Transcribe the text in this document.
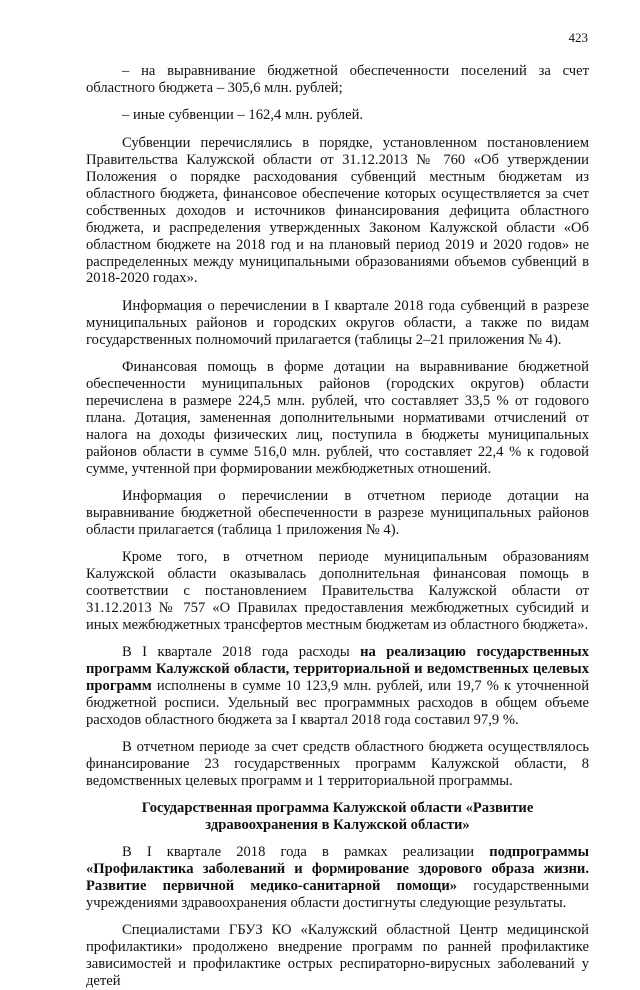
423

– на выравнивание бюджетной обеспеченности поселений за счет областного бюджета – 305,6 млн. рублей;

– иные субвенции – 162,4 млн. рублей.

Субвенции перечислялись в порядке, установленном постановлением Правительства Калужской области от 31.12.2013 № 760 «Об утверждении Положения о порядке расходования субвенций местным бюджетам из областного бюджета, финансовое обеспечение которых осуществляется за счет собственных доходов и источников финансирования дефицита областного бюджета, и распределения утвержденных Законом Калужской области «Об областном бюджете на 2018 год и на плановый период 2019 и 2020 годов» не распределенных между муниципальными образованиями объемов субвенций в 2018-2020 годах».

Информация о перечислении в I квартале 2018 года субвенций в разрезе муниципальных районов и городских округов области, а также по видам государственных полномочий прилагается (таблицы 2–21 приложения № 4).

Финансовая помощь в форме дотации на выравнивание бюджетной обеспеченности муниципальных районов (городских округов) области перечислена в размере 224,5 млн. рублей, что составляет 33,5 % от годового плана. Дотация, замененная дополнительными нормативами отчислений от налога на доходы физических лиц, поступила в бюджеты муниципальных районов области в сумме 516,0 млн. рублей, что составляет 22,4 % к годовой сумме, учтенной при формировании межбюджетных отношений.

Информация о перечислении в отчетном периоде дотации на выравнивание бюджетной обеспеченности в разрезе муниципальных районов области прилагается (таблица 1 приложения № 4).

Кроме того, в отчетном периоде муниципальным образованиям Калужской области оказывалась дополнительная финансовая помощь в соответствии с постановлением Правительства Калужской области от 31.12.2013 № 757 «О Правилах предоставления межбюджетных субсидий и иных межбюджетных трансфертов местным бюджетам из областного бюджета».

В I квартале 2018 года расходы на реализацию государственных программ Калужской области, территориальной и ведомственных целевых программ исполнены в сумме 10 123,9 млн. рублей, или 19,7 % к уточненной бюджетной росписи. Удельный вес программных расходов в общем объеме расходов областного бюджета за I квартал 2018 года составил 97,9 %.

В отчетном периоде за счет средств областного бюджета осуществлялось финансирование 23 государственных программ Калужской области, 8 ведомственных целевых программ и 1 территориальной программы.

Государственная программа Калужской области «Развитие здравоохранения в Калужской области»

В I квартале 2018 года в рамках реализации подпрограммы «Профилактика заболеваний и формирование здорового образа жизни. Развитие первичной медико-санитарной помощи» государственными учреждениями здравоохранения области достигнуты следующие результаты.

Специалистами ГБУЗ КО «Калужский областной Центр медицинской профилактики» продолжено внедрение программ по ранней профилактике зависимостей и профилактике острых респираторно-вирусных заболеваний у детей
